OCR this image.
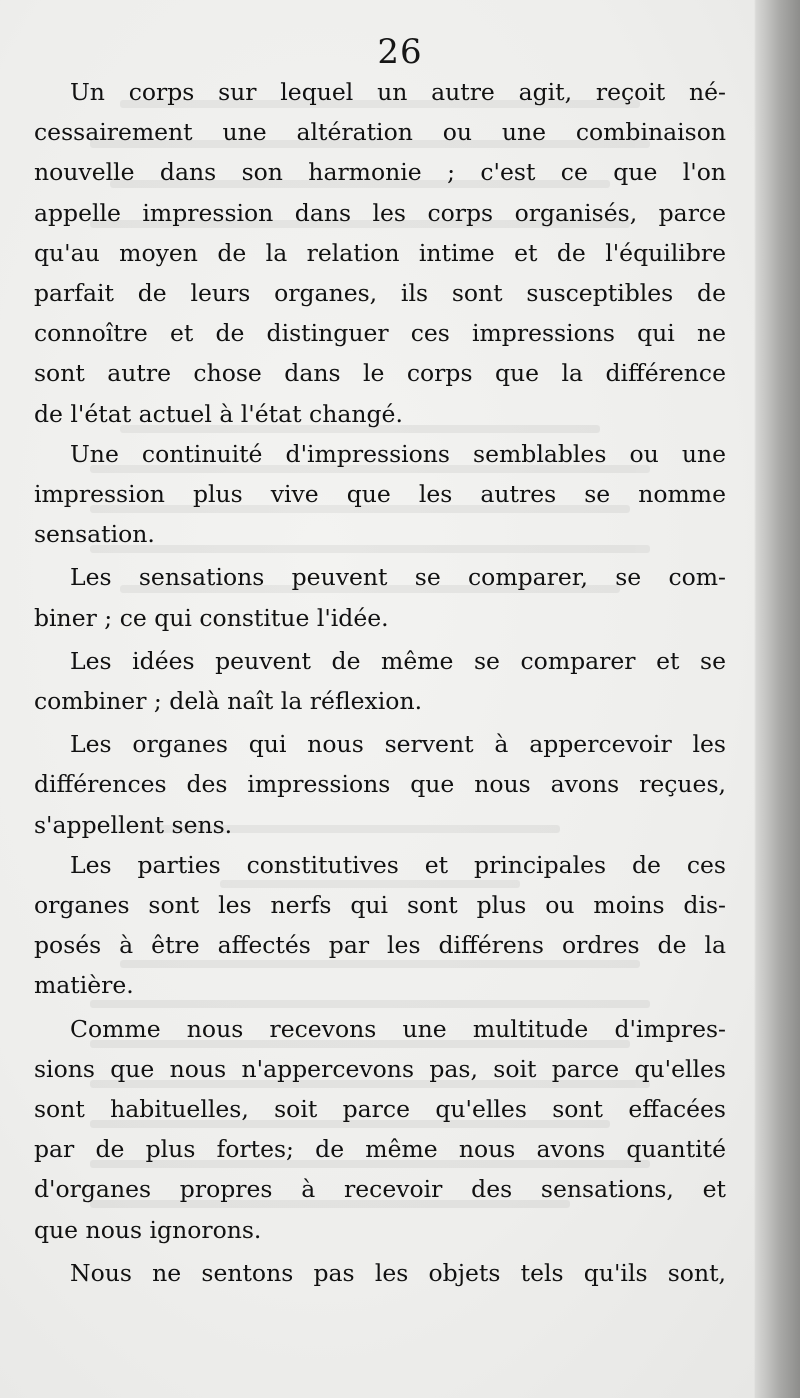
26

Un corps sur lequel un autre agit, reçoit né-
cessairement une altération ou une combinaison
nouvelle dans son harmonie ; c'est ce que l'on
appelle impression dans les corps organisés, parce
qu'au moyen de la relation intime et de l'équilibre
parfait de leurs organes, ils sont susceptibles de
connoître et de distinguer ces impressions qui ne
sont autre chose dans le corps que la différence
de l'état actuel à l'état changé.

Une continuité d'impressions semblables ou une
impression plus vive que les autres se nomme
sensation.

Les sensations peuvent se comparer, se com-
biner ; ce qui constitue l'idée.

Les idées peuvent de même se comparer et se
combiner ; delà naît la réflexion.

Les organes qui nous servent à appercevoir les
différences des impressions que nous avons reçues,
s'appellent sens.

Les parties constitutives et principales de ces
organes sont les nerfs qui sont plus ou moins dis-
posés à être affectés par les différens ordres de la
matière.

Comme nous recevons une multitude d'impres-
sions que nous n'appercevons pas, soit parce qu'elles
sont habituelles, soit parce qu'elles sont effacées
par de plus fortes; de même nous avons quantité
d'organes propres à recevoir des sensations, et
que nous ignorons.

Nous ne sentons pas les objets tels qu'ils sont,
